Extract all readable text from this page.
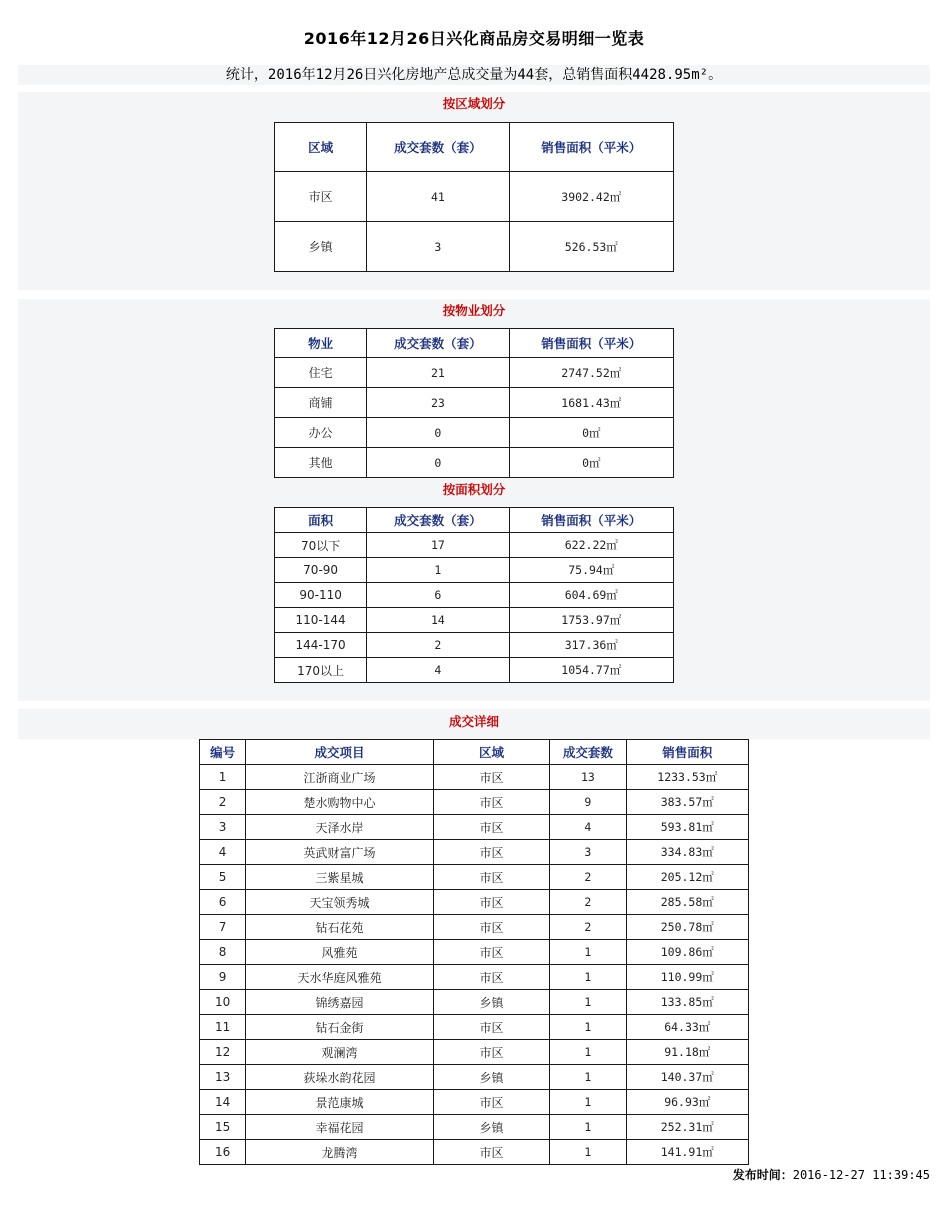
2016年12月26日兴化商品房交易明细一览表
统计，2016年12月26日兴化房地产总成交量为44套，总销售面积4428.95m²。
按区域划分
区域	成交套数（套）	销售面积（平米）
市区	41	3902.42㎡
乡镇	3	526.53㎡
按物业划分
物业	成交套数（套）	销售面积（平米）
住宅	21	2747.52㎡
商铺	23	1681.43㎡
办公	0	0㎡
其他	0	0㎡
按面积划分
面积	成交套数（套）	销售面积（平米）
70以下	17	622.22㎡
70-90	1	75.94㎡
90-110	6	604.69㎡
110-144	14	1753.97㎡
144-170	2	317.36㎡
170以上	4	1054.77㎡
成交详细
编号	成交项目	区域	成交套数	销售面积
1	江浙商业广场	市区	13	1233.53㎡
2	楚水购物中心	市区	9	383.57㎡
3	天泽水岸	市区	4	593.81㎡
4	英武财富广场	市区	3	334.83㎡
5	三紫星城	市区	2	205.12㎡
6	天宝领秀城	市区	2	285.58㎡
7	钻石花苑	市区	2	250.78㎡
8	风雅苑	市区	1	109.86㎡
9	天水华庭风雅苑	市区	1	110.99㎡
10	锦绣嘉园	乡镇	1	133.85㎡
11	钻石金街	市区	1	64.33㎡
12	观澜湾	市区	1	91.18㎡
13	荻垛水韵花园	乡镇	1	140.37㎡
14	景范康城	市区	1	96.93㎡
15	幸福花园	乡镇	1	252.31㎡
16	龙腾湾	市区	1	141.91㎡
发布时间：2016-12-27 11:39:45
